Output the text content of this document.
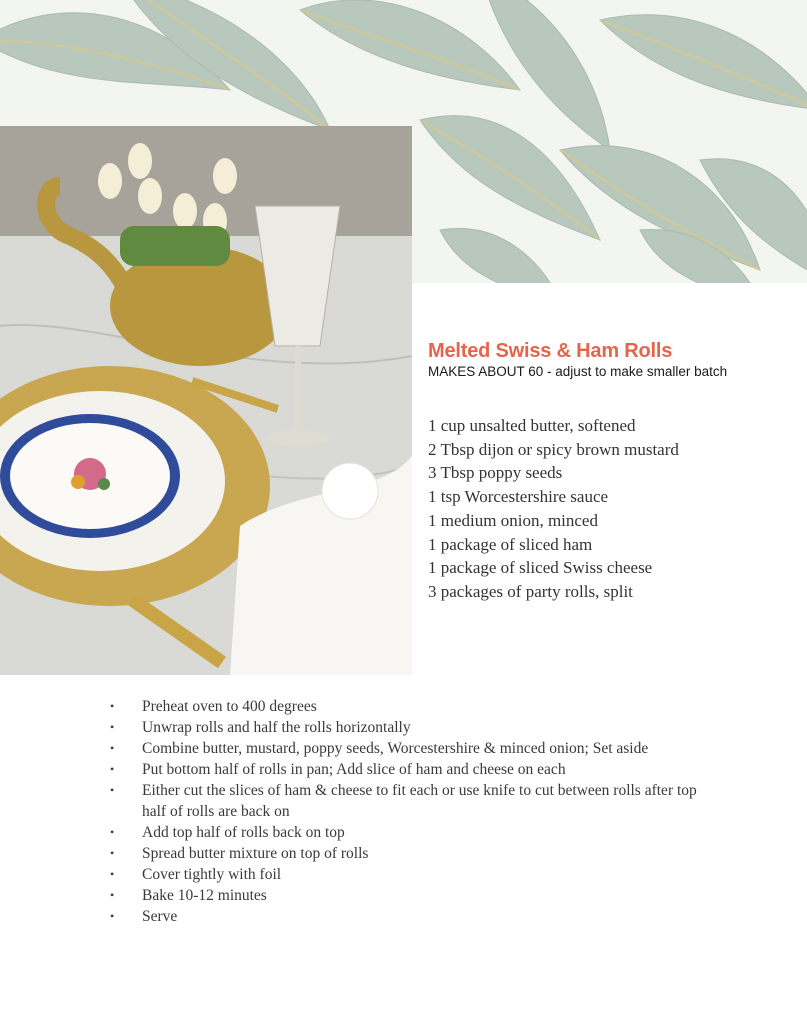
Melted Swiss & Ham Rolls
MAKES ABOUT 60 - adjust to make smaller batch
1 cup unsalted butter, softened
2 Tbsp dijon or spicy brown mustard
3 Tbsp poppy seeds
1 tsp Worcestershire sauce
1 medium onion, minced
1 package of sliced ham
1 package of sliced Swiss cheese
3 packages of party rolls, split
• Preheat oven to 400 degrees
• Unwrap rolls and half the rolls horizontally
• Combine butter, mustard, poppy seeds, Worcestershire & minced onion; Set aside
• Put bottom half of rolls in pan; Add slice of ham and cheese on each
• Either cut the slices of ham & cheese to fit each or use knife to cut between rolls after top half of rolls are back on
• Add top half of rolls back on top
• Spread butter mixture on top of rolls
• Cover tightly with foil
• Bake 10-12 minutes
• Serve
